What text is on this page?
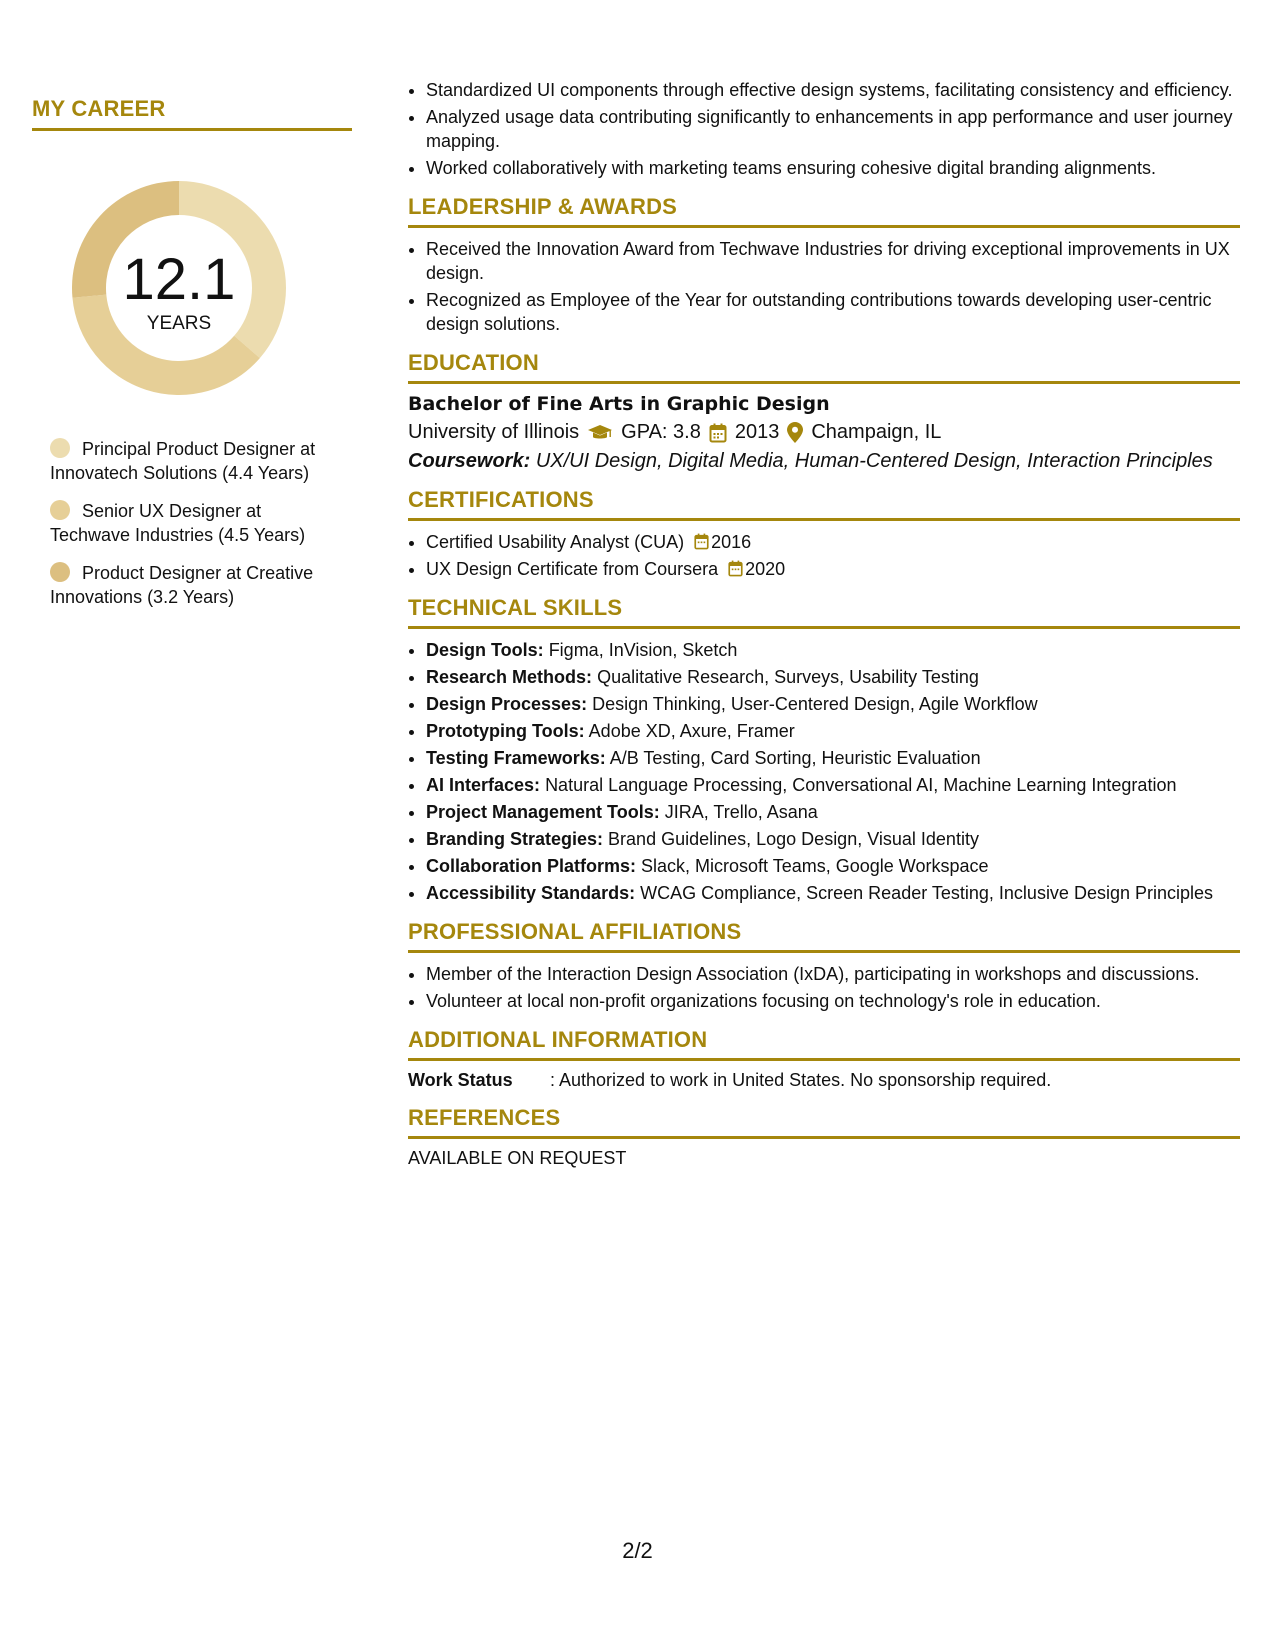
MY CAREER
12.1
YEARS
Principal Product Designer at Innovatech Solutions (4.4 Years)
Senior UX Designer at Techwave Industries (4.5 Years)
Product Designer at Creative Innovations (3.2 Years)
• Standardized UI components through effective design systems, facilitating consistency and efficiency.
• Analyzed usage data contributing significantly to enhancements in app performance and user journey mapping.
• Worked collaboratively with marketing teams ensuring cohesive digital branding alignments.
LEADERSHIP & AWARDS
• Received the Innovation Award from Techwave Industries for driving exceptional improvements in UX design.
• Recognized as Employee of the Year for outstanding contributions towards developing user-centric design solutions.
EDUCATION
Bachelor of Fine Arts in Graphic Design
University of Illinois GPA: 3.8 2013 Champaign, IL
Coursework: UX/UI Design, Digital Media, Human-Centered Design, Interaction Principles
CERTIFICATIONS
• Certified Usability Analyst (CUA) 2016
• UX Design Certificate from Coursera 2020
TECHNICAL SKILLS
• Design Tools: Figma, InVision, Sketch
• Research Methods: Qualitative Research, Surveys, Usability Testing
• Design Processes: Design Thinking, User-Centered Design, Agile Workflow
• Prototyping Tools: Adobe XD, Axure, Framer
• Testing Frameworks: A/B Testing, Card Sorting, Heuristic Evaluation
• AI Interfaces: Natural Language Processing, Conversational AI, Machine Learning Integration
• Project Management Tools: JIRA, Trello, Asana
• Branding Strategies: Brand Guidelines, Logo Design, Visual Identity
• Collaboration Platforms: Slack, Microsoft Teams, Google Workspace
• Accessibility Standards: WCAG Compliance, Screen Reader Testing, Inclusive Design Principles
PROFESSIONAL AFFILIATIONS
• Member of the Interaction Design Association (IxDA), participating in workshops and discussions.
• Volunteer at local non-profit organizations focusing on technology's role in education.
ADDITIONAL INFORMATION
Work Status	: Authorized to work in United States. No sponsorship required.
REFERENCES
AVAILABLE ON REQUEST
2/2
